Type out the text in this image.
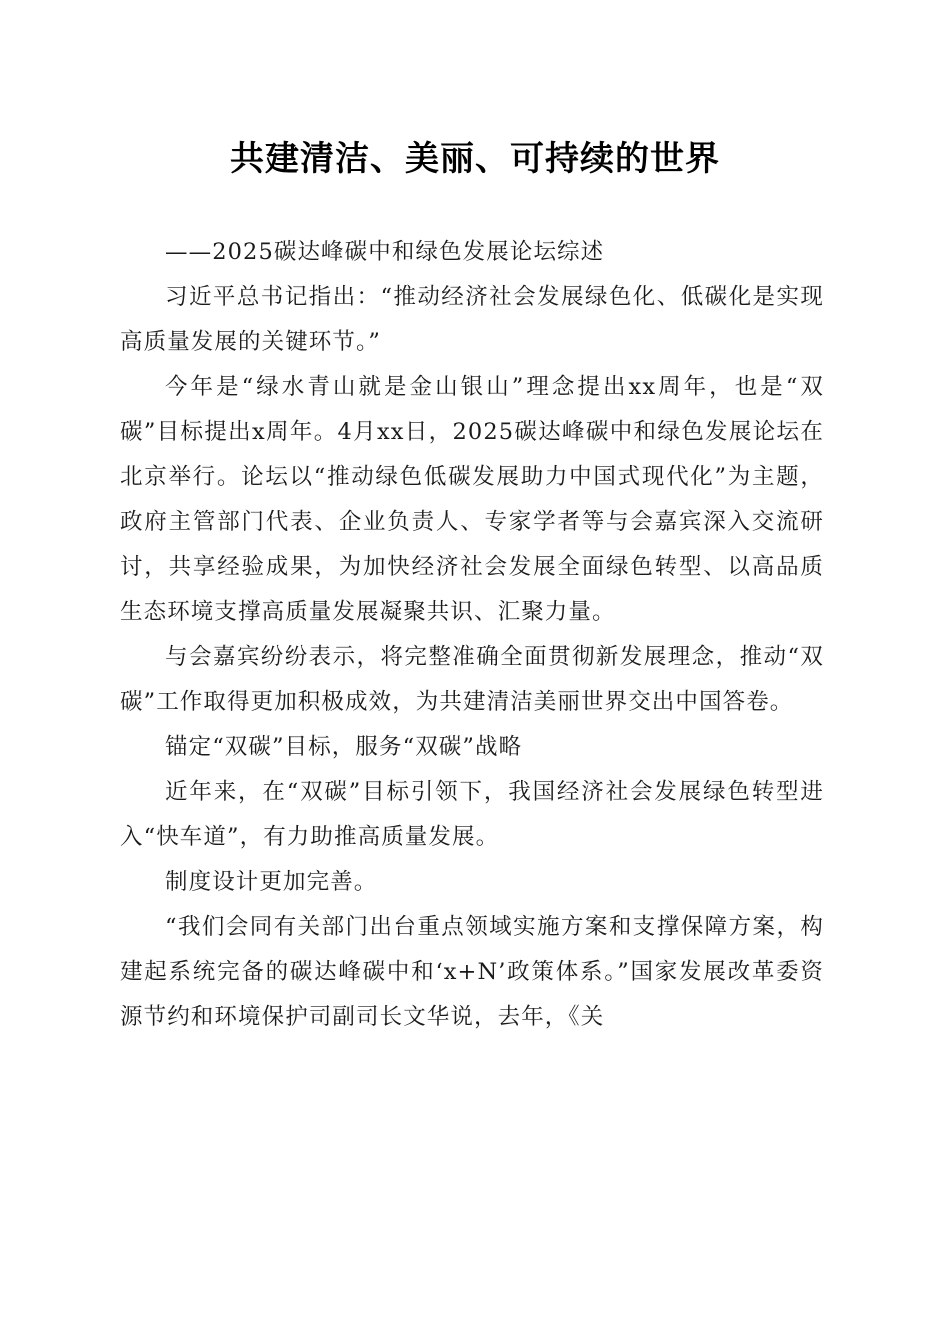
共建清洁、美丽、可持续的世界

——2025碳达峰碳中和绿色发展论坛综述

习近平总书记指出：“推动经济社会发展绿色化、低碳化是实现高质量发展的关键环节。”

今年是“绿水青山就是金山银山”理念提出xx周年，也是“双碳”目标提出x周年。4月xx日，2025碳达峰碳中和绿色发展论坛在北京举行。论坛以“推动绿色低碳发展助力中国式现代化”为主题，政府主管部门代表、企业负责人、专家学者等与会嘉宾深入交流研讨，共享经验成果，为加快经济社会发展全面绿色转型、以高品质生态环境支撑高质量发展凝聚共识、汇聚力量。

与会嘉宾纷纷表示，将完整准确全面贯彻新发展理念，推动“双碳”工作取得更加积极成效，为共建清洁美丽世界交出中国答卷。

锚定“双碳”目标，服务“双碳”战略

近年来，在“双碳”目标引领下，我国经济社会发展绿色转型进入“快车道”，有力助推高质量发展。

制度设计更加完善。

“我们会同有关部门出台重点领域实施方案和支撑保障方案，构建起系统完备的碳达峰碳中和‘x+N’政策体系。”国家发展改革委资源节约和环境保护司副司长文华说，去年，《关
